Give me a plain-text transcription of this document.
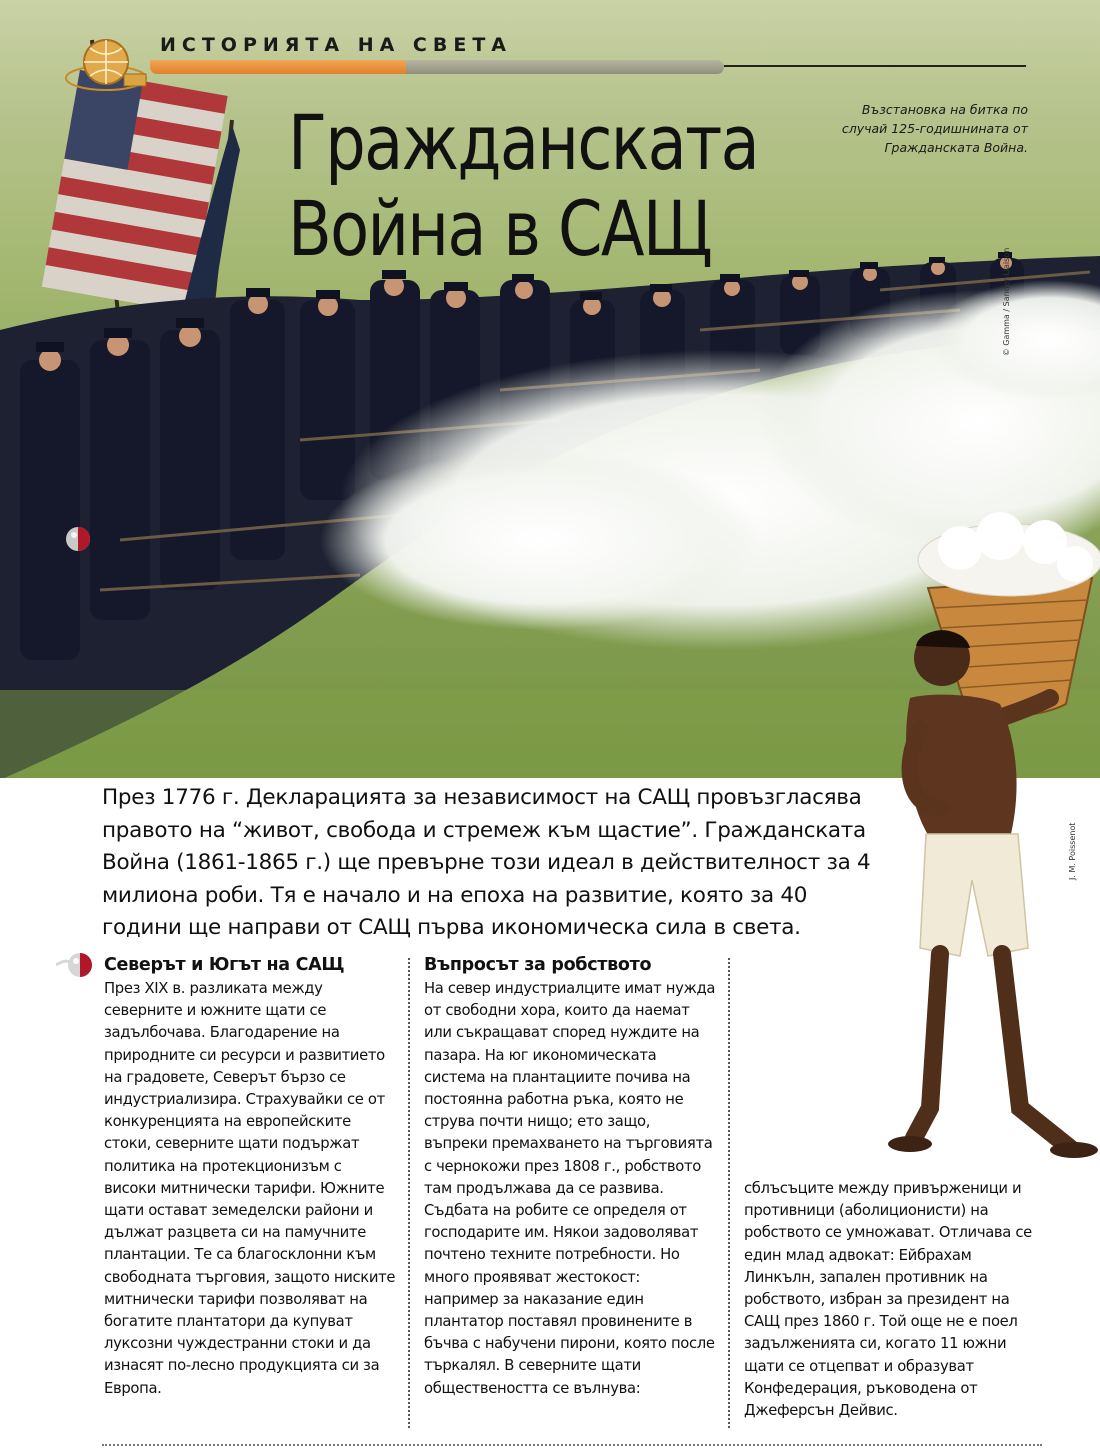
ИСТОРИЯТА НА СВЕТА
Гражданската
Война в САЩ
Възстановка на битка по случай 125-годишнината от Гражданската Война.
© Gamma / Sander-Liaison

През 1776 г. Декларацията за независимост на САЩ провъзгласява правото на “живот, свобода и стремеж към щастие”. Гражданската Война (1861-1865 г.) ще превърне този идеал в действителност за 4 милиона роби. Тя е начало и на епоха на развитие, която за 40 години ще направи от САЩ първа икономическа сила в света.

J. M. Poissenot
Северът и Югът на САЩ

През XIX в. разликата между северните и южните щати се задълбочава. Благодарение на природните си ресурси и развитието на градовете, Северът бързо се индустриализира. Страхувайки се от конкуренцията на европейските стоки, северните щати подържат политика на протекционизъм с високи митнически тарифи. Южните щати остават земеделски райони и дължат разцвета си на памучните плантации. Те са благосклонни към свободната търговия, защото ниските митнически тарифи позволяват на богатите плантатори да купуват луксозни чуждестранни стоки и да изнасят по-лесно продукцията си за Европа.

Въпросът за робството

На север индустриалците имат нужда от свободни хора, които да наемат или съкращават според нуждите на пазара. На юг икономическата система на плантациите почива на постоянна работна ръка, която не струва почти нищо; ето защо, въпреки премахването на търговията с чернокожи през 1808 г., робството там продължава да се развива. Съдбата на робите се определя от господарите им. Някои задоволяват почтено техните потребности. Но много проявяват жестокост: например за наказание един плантатор поставял провинените в бъчва с набучени пирони, която после търкалял. В северните щати обществеността се вълнува:

сблъсъците между привърженици и противници (аболиционисти) на робството се умножават. Отличава се един млад адвокат: Ейбрахам Линкълн, запален противник на робството, избран за президент на САЩ през 1860 г. Той още не е поел задълженията си, когато 11 южни щати се отцепват и образуват Конфедерация, ръководена от Джеферсън Дейвис.
